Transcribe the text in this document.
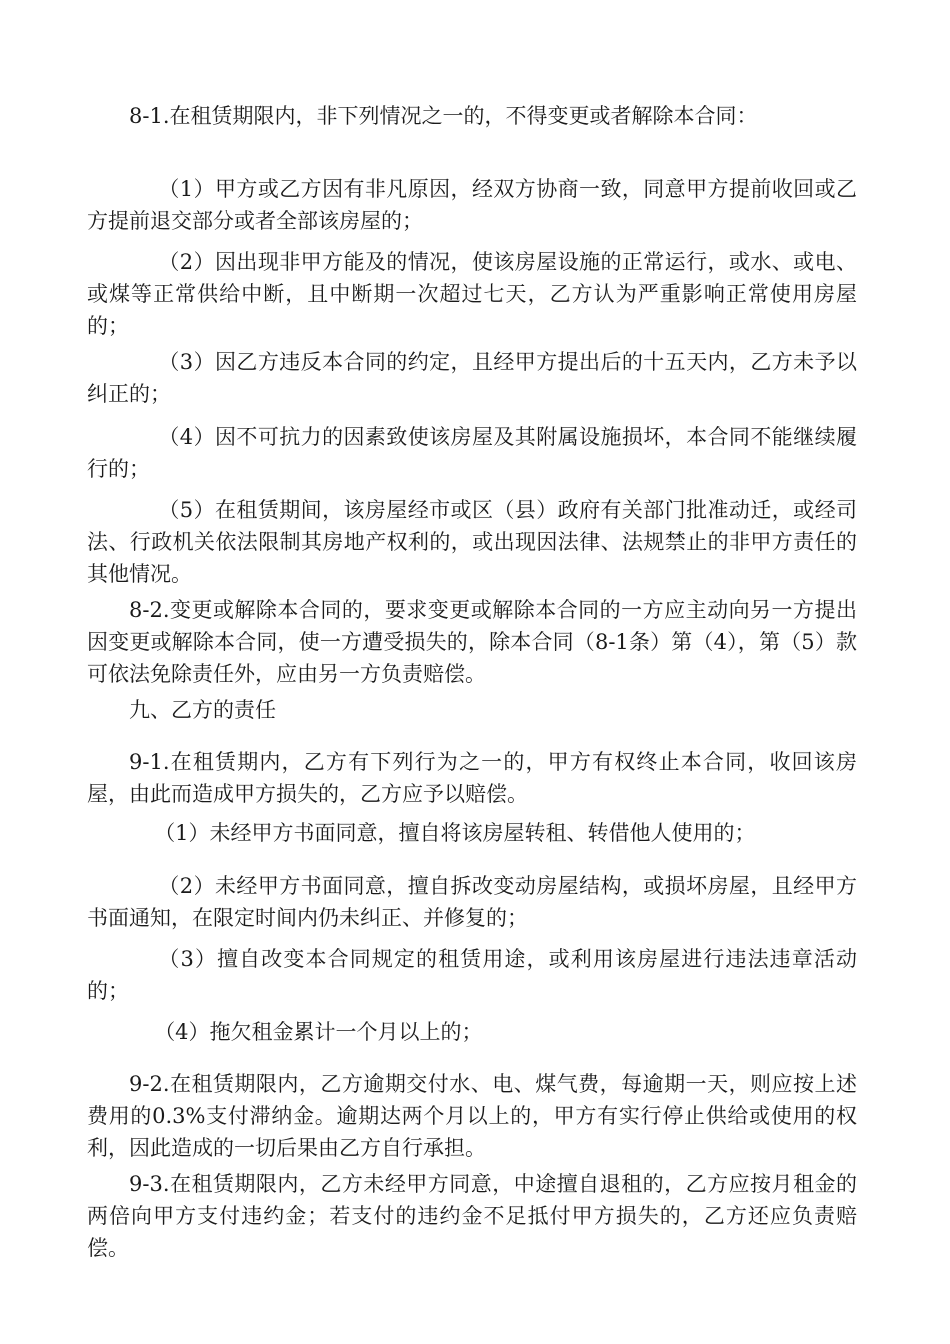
8-1.在租赁期限内，非下列情况之一的，不得变更或者解除本合同：

（1）甲方或乙方因有非凡原因，经双方协商一致，同意甲方提前收回或乙方提前退交部分或者全部该房屋的；

（2）因出现非甲方能及的情况，使该房屋设施的正常运行，或水、或电、或煤等正常供给中断，且中断期一次超过七天，乙方认为严重影响正常使用房屋的；

（3）因乙方违反本合同的约定，且经甲方提出后的十五天内，乙方未予以纠正的；

（4）因不可抗力的因素致使该房屋及其附属设施损坏，本合同不能继续履行的；

（5）在租赁期间，该房屋经市或区（县）政府有关部门批准动迁，或经司法、行政机关依法限制其房地产权利的，或出现因法律、法规禁止的非甲方责任的其他情况。

8-2.变更或解除本合同的，要求变更或解除本合同的一方应主动向另一方提出因变更或解除本合同，使一方遭受损失的，除本合同（8-1条）第（4），第（5）款可依法免除责任外，应由另一方负责赔偿。

九、乙方的责任

9-1.在租赁期内，乙方有下列行为之一的，甲方有权终止本合同，收回该房屋，由此而造成甲方损失的，乙方应予以赔偿。

（1）未经甲方书面同意，擅自将该房屋转租、转借他人使用的；

（2）未经甲方书面同意，擅自拆改变动房屋结构，或损坏房屋，且经甲方书面通知，在限定时间内仍未纠正、并修复的；

（3）擅自改变本合同规定的租赁用途，或利用该房屋进行违法违章活动的；

（4）拖欠租金累计一个月以上的；

9-2.在租赁期限内，乙方逾期交付水、电、煤气费，每逾期一天，则应按上述费用的0.3%支付滞纳金。逾期达两个月以上的，甲方有实行停止供给或使用的权利，因此造成的一切后果由乙方自行承担。

9-3.在租赁期限内，乙方未经甲方同意，中途擅自退租的，乙方应按月租金的两倍向甲方支付违约金；若支付的违约金不足抵付甲方损失的，乙方还应负责赔偿。
